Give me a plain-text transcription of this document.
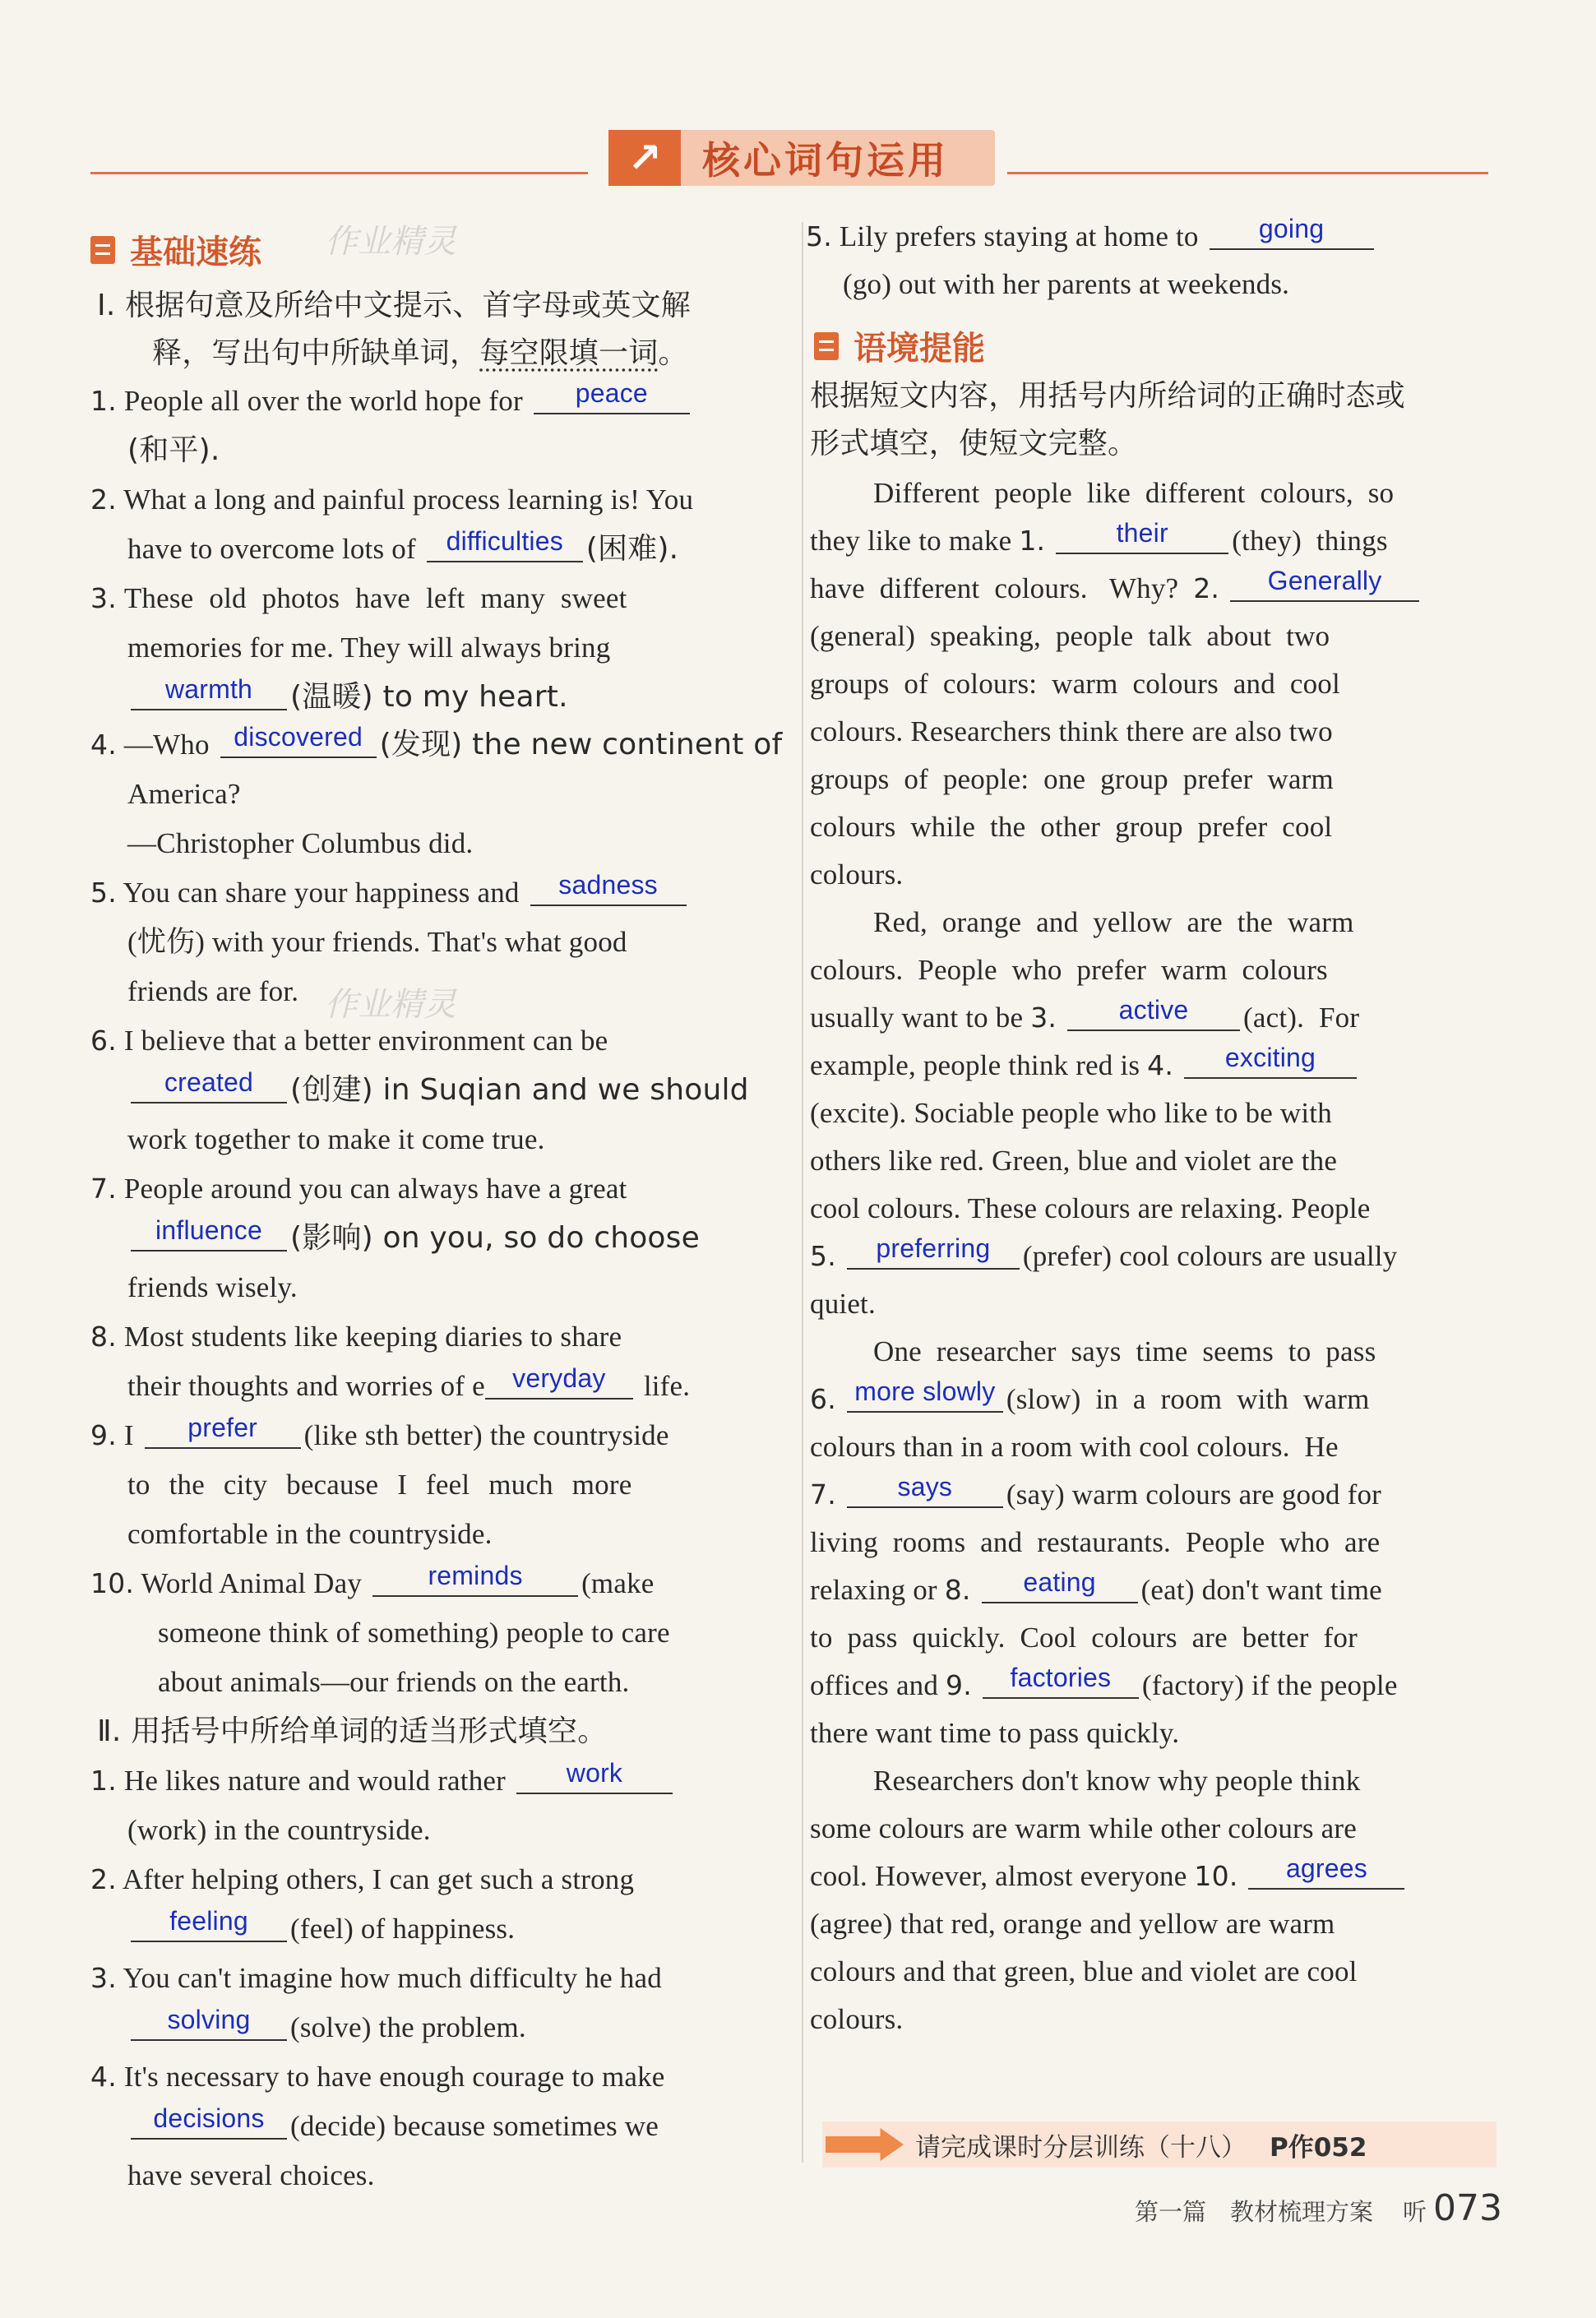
↗	核心词句运用
作业精灵
作业精灵
基础速练
Ⅰ. 根据句意及所给中文提示、首字母或英文解
释，写出句中所缺单词，每空限填一词。
1. People all over the world hope for peace
(和平).
2. What a long and painful process learning is! You
have to overcome lots of difficulties (困难).
3. These old photos have left many sweet
memories for me. They will always bring
warmth (温暖) to my heart.
4. —Who discovered (发现) the new continent of
America?
—Christopher Columbus did.
5. You can share your happiness and sadness
(忧伤) with your friends. That's what good
friends are for.
6. I believe that a better environment can be
created (创建) in Suqian and we should
work together to make it come true.
7. People around you can always have a great
influence (影响) on you, so do choose
friends wisely.
8. Most students like keeping diaries to share
their thoughts and worries of e veryday life.
9. I prefer (like sth better) the countryside
to the city because I feel much more
comfortable in the countryside.
10. World Animal Day	reminds (make
someone think of something) people to care
about animals—our friends on the earth.
Ⅱ. 用括号中所给单词的适当形式填空。
1. He likes nature and would rather work
(work) in the countryside.
2. After helping others, I can get such a strong
feeling (feel) of happiness.
3. You can't imagine how much difficulty he had
solving (solve) the problem.
4. It's necessary to have enough courage to make
decisions (decide) because sometimes we
have several choices.
5. Lily prefers staying at home to going
(go) out with her parents at weekends.
语境提能
根据短文内容，用括号内所给词的正确时态或
形式填空，使短文完整。
Different  people  like  different  colours,  so
they like to make 1.	their (they)  things
have  different  colours.   Why?  2. Generally
(general)  speaking,  people  talk  about  two
groups  of  colours:  warm  colours  and  cool
colours. Researchers think there are also two
groups  of  people:  one  group  prefer  warm
colours  while  the  other  group  prefer  cool
colours.
Red,  orange  and  yellow  are  the  warm
colours.  People  who  prefer  warm  colours
usually want to be 3. active (act).  For
example, people think red is 4. exciting
(excite). Sociable people who like to be with
others like red. Green, blue and violet are the
cool colours. These colours are relaxing. People
5. preferring (prefer) cool colours are usually
quiet.
One  researcher  says  time  seems  to  pass
6. more slowly (slow)  in  a  room  with  warm
colours than in a room with cool colours.  He
7. says (say) warm colours are good for
living  rooms  and  restaurants.  People  who  are
relaxing or 8. eating (eat) don't want time
to  pass  quickly.  Cool  colours  are  better  for
offices and 9. factories (factory) if the people
there want time to pass quickly.
Researchers don't know why people think
some colours are warm while other colours are
cool. However, almost everyone 10. agrees
(agree) that red, orange and yellow are warm
colours and that green, blue and violet are cool
colours.
请完成课时分层训练（十八） P作052
第一篇　教材梳理方案 听 073
